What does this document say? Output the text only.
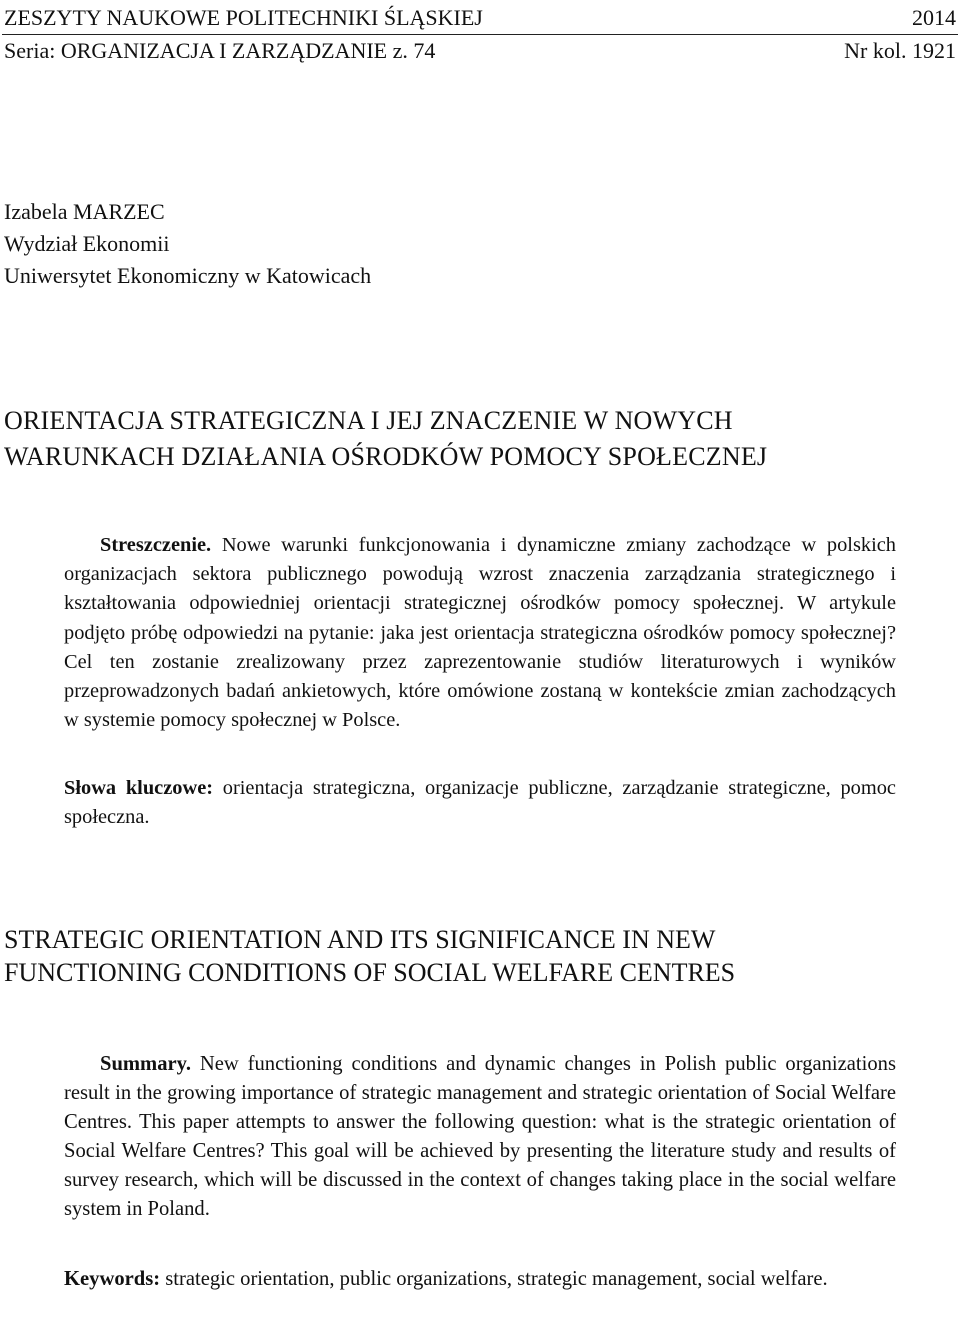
ZESZYTY NAUKOWE POLITECHNIKI ŚLĄSKIEJ	2014
Seria: ORGANIZACJA I ZARZĄDZANIE z. 74	Nr kol. 1921
Izabela MARZEC
Wydział Ekonomii
Uniwersytet Ekonomiczny w Katowicach
ORIENTACJA STRATEGICZNA I JEJ ZNACZENIE W NOWYCH
WARUNKACH DZIAŁANIA OŚRODKÓW POMOCY SPOŁECZNEJ
Streszczenie. Nowe warunki funkcjonowania i dynamiczne zmiany zachodzące w polskich organizacjach sektora publicznego powodują wzrost znaczenia zarządzania strategicznego i kształtowania odpowiedniej orientacji strategicznej ośrodków pomocy społecznej. W artykule podjęto próbę odpowiedzi na pytanie: jaka jest orientacja strategiczna ośrodków pomocy społecznej? Cel ten zostanie zrealizowany przez zaprezentowanie studiów literaturowych i wyników przeprowadzonych badań ankietowych, które omówione zostaną w kontekście zmian zachodzących w systemie pomocy społecznej w Polsce.
Słowa kluczowe: orientacja strategiczna, organizacje publiczne, zarządzanie strategiczne, pomoc społeczna.
STRATEGIC ORIENTATION AND ITS SIGNIFICANCE IN NEW
FUNCTIONING CONDITIONS OF SOCIAL WELFARE CENTRES
Summary. New functioning conditions and dynamic changes in Polish public organizations result in the growing importance of strategic management and strategic orientation of Social Welfare Centres. This paper attempts to answer the following question: what is the strategic orientation of Social Welfare Centres? This goal will be achieved by presenting the literature study and results of survey research, which will be discussed in the context of changes taking place in the social welfare system in Poland.
Keywords: strategic orientation, public organizations, strategic management, social welfare.
